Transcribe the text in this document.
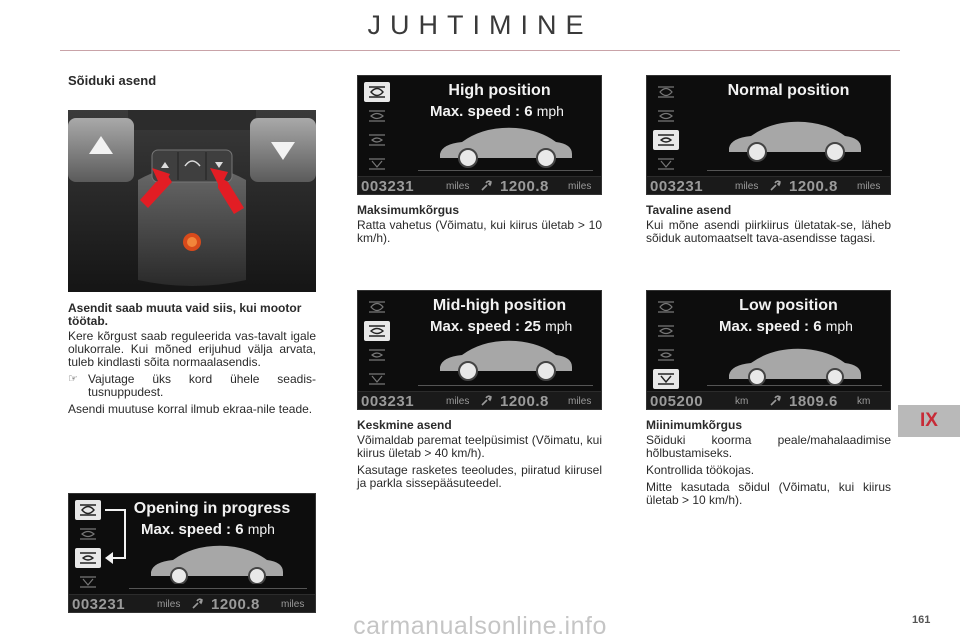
JUHTIMINE
Sõiduki asend
Asendit saab muuta vaid siis, kui mootor töötab.

Kere kõrgust saab reguleerida vas-tavalt igale olukorrale. Kui mõned erijuhud välja arvata, tuleb kindlasti sõita normaalasendis.

☞ Vajutage üks kord ühele seadis-tusnuppudest.

Asendi muutuse korral ilmub ekraa-nile teade.

High position
Max. speed : 6 mph
003231	miles 1200.8 miles
Normal position
003231	miles 1200.8 miles
Maksimumkõrgus

Ratta vahetus (Võimatu, kui kiirus ületab > 10 km/h).

Tavaline asend

Kui mõne asendi piirkiirus ületatak-se, läheb sõiduk automaatselt tava-asendisse tagasi.

Mid-high position
Max. speed : 25 mph
003231	miles 1200.8 miles
Low position
Max. speed : 6 mph
005200	km	1809.6 km
Keskmine asend

Võimaldab paremat teelpüsimist (Võimatu, kui kiirus ületab > 40 km/h).

Kasutage rasketes teeoludes, piiratud kiirusel ja parkla sissepääsuteedel.

Miinimumkõrgus

Sõiduki koorma peale/mahalaadimise hõlbustamiseks.

Kontrollida töökojas.

Mitte kasutada sõidul (Võimatu, kui kiirus ületab > 10 km/h).

Opening in progress
Max. speed : 6 mph
003231	miles 1200.8 miles
IX
carmanualsonline.info	161
